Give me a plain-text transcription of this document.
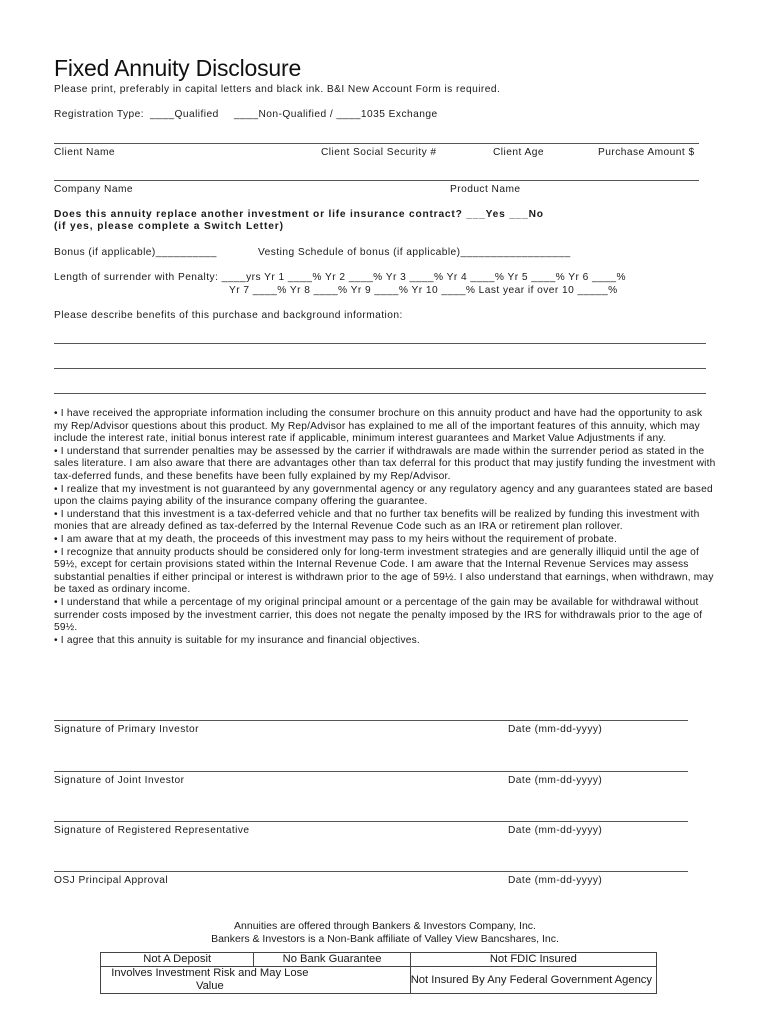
Fixed Annuity Disclosure
Please print, preferably in capital letters and black ink. B&I New Account Form is required.
Registration Type: ____Qualified ____Non-Qualified / ____1035 Exchange
Client Name	Client Social Security #	Client Age	Purchase Amount $
Company Name	Product Name
Does this annuity replace another investment or life insurance contract? ___Yes ___No
(if yes, please complete a Switch Letter)
Bonus (if applicable)__________	Vesting Schedule of bonus (if applicable)__________________
Length of surrender with Penalty: ____yrs Yr 1 ____% Yr 2 ____% Yr 3 ____% Yr 4 ____% Yr 5 ____% Yr 6 ____%
Yr 7 ____% Yr 8 ____% Yr 9 ____% Yr 10 ____% Last year if over 10 _____%
Please describe benefits of this purchase and background information:

• I have received the appropriate information including the consumer brochure on this annuity product and have had the opportunity to ask my Rep/Advisor questions about this product. My Rep/Advisor has explained to me all of the important features of this annuity, which may include the interest rate, initial bonus interest rate if applicable, minimum interest guarantees and Market Value Adjustments if any.

• I understand that surrender penalties may be assessed by the carrier if withdrawals are made within the surrender period as stated in the sales literature. I am also aware that there are advantages other than tax deferral for this product that may justify funding the investment with tax-deferred funds, and these benefits have been fully explained by my Rep/Advisor.

• I realize that my investment is not guaranteed by any governmental agency or any regulatory agency and any guarantees stated are based upon the claims paying ability of the insurance company offering the guarantee.

• I understand that this investment is a tax-deferred vehicle and that no further tax benefits will be realized by funding this investment with monies that are already defined as tax-deferred by the Internal Revenue Code such as an IRA or retirement plan rollover.

• I am aware that at my death, the proceeds of this investment may pass to my heirs without the requirement of probate.

• I recognize that annuity products should be considered only for long-term investment strategies and are generally illiquid until the age of 59½, except for certain provisions stated within the Internal Revenue Code. I am aware that the Internal Revenue Services may assess substantial penalties if either principal or interest is withdrawn prior to the age of 59½. I also understand that earnings, when withdrawn, may be taxed as ordinary income.

• I understand that while a percentage of my original principal amount or a percentage of the gain may be available for withdrawal without surrender costs imposed by the investment carrier, this does not negate the penalty imposed by the IRS for withdrawals prior to the age of 59½.

• I agree that this annuity is suitable for my insurance and financial objectives.

Signature of Primary Investor	Date (mm-dd-yyyy)
Signature of Joint Investor	Date (mm-dd-yyyy)
Signature of Registered Representative	Date (mm-dd-yyyy)
OSJ Principal Approval	Date (mm-dd-yyyy)
Annuities are offered through Bankers & Investors Company, Inc.
Bankers & Investors is a Non-Bank affiliate of Valley View Bancshares, Inc.
Not A Deposit	No Bank Guarantee	Not FDIC Insured
Involves Investment Risk and May Lose Value		Not Insured By Any Federal Government Agency
